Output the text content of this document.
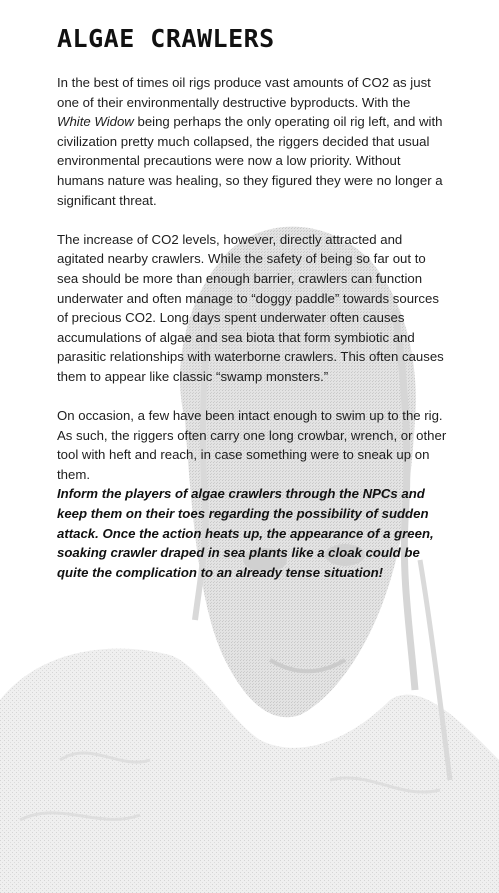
ALGAE CRAWLERS

In the best of times oil rigs produce vast amounts of CO2 as just one of their environmentally destructive byproducts. With the White Widow being perhaps the only operating oil rig left, and with civilization pretty much collapsed, the riggers decided that usual environmental precautions were now a low priority. Without humans nature was healing, so they figured they were no longer a significant threat.

The increase of CO2 levels, however, directly attracted and agitated nearby crawlers. While the safety of being so far out to sea should be more than enough barrier, crawlers can function underwater and often manage to “doggy paddle” towards sources of precious CO2. Long days spent underwater often causes accumulations of algae and sea biota that form symbiotic and parasitic relationships with waterborne crawlers. This often causes them to appear like classic “swamp monsters.”

On occasion, a few have been intact enough to swim up to the rig. As such, the riggers often carry one long crowbar, wrench, or other tool with heft and reach, in case something were to sneak up on them.

Inform the players of algae crawlers through the NPCs and keep them on their toes regarding the possibility of sudden attack. Once the action heats up, the appearance of a green, soaking crawler draped in sea plants like a cloak could be quite the complication to an already tense situation!
